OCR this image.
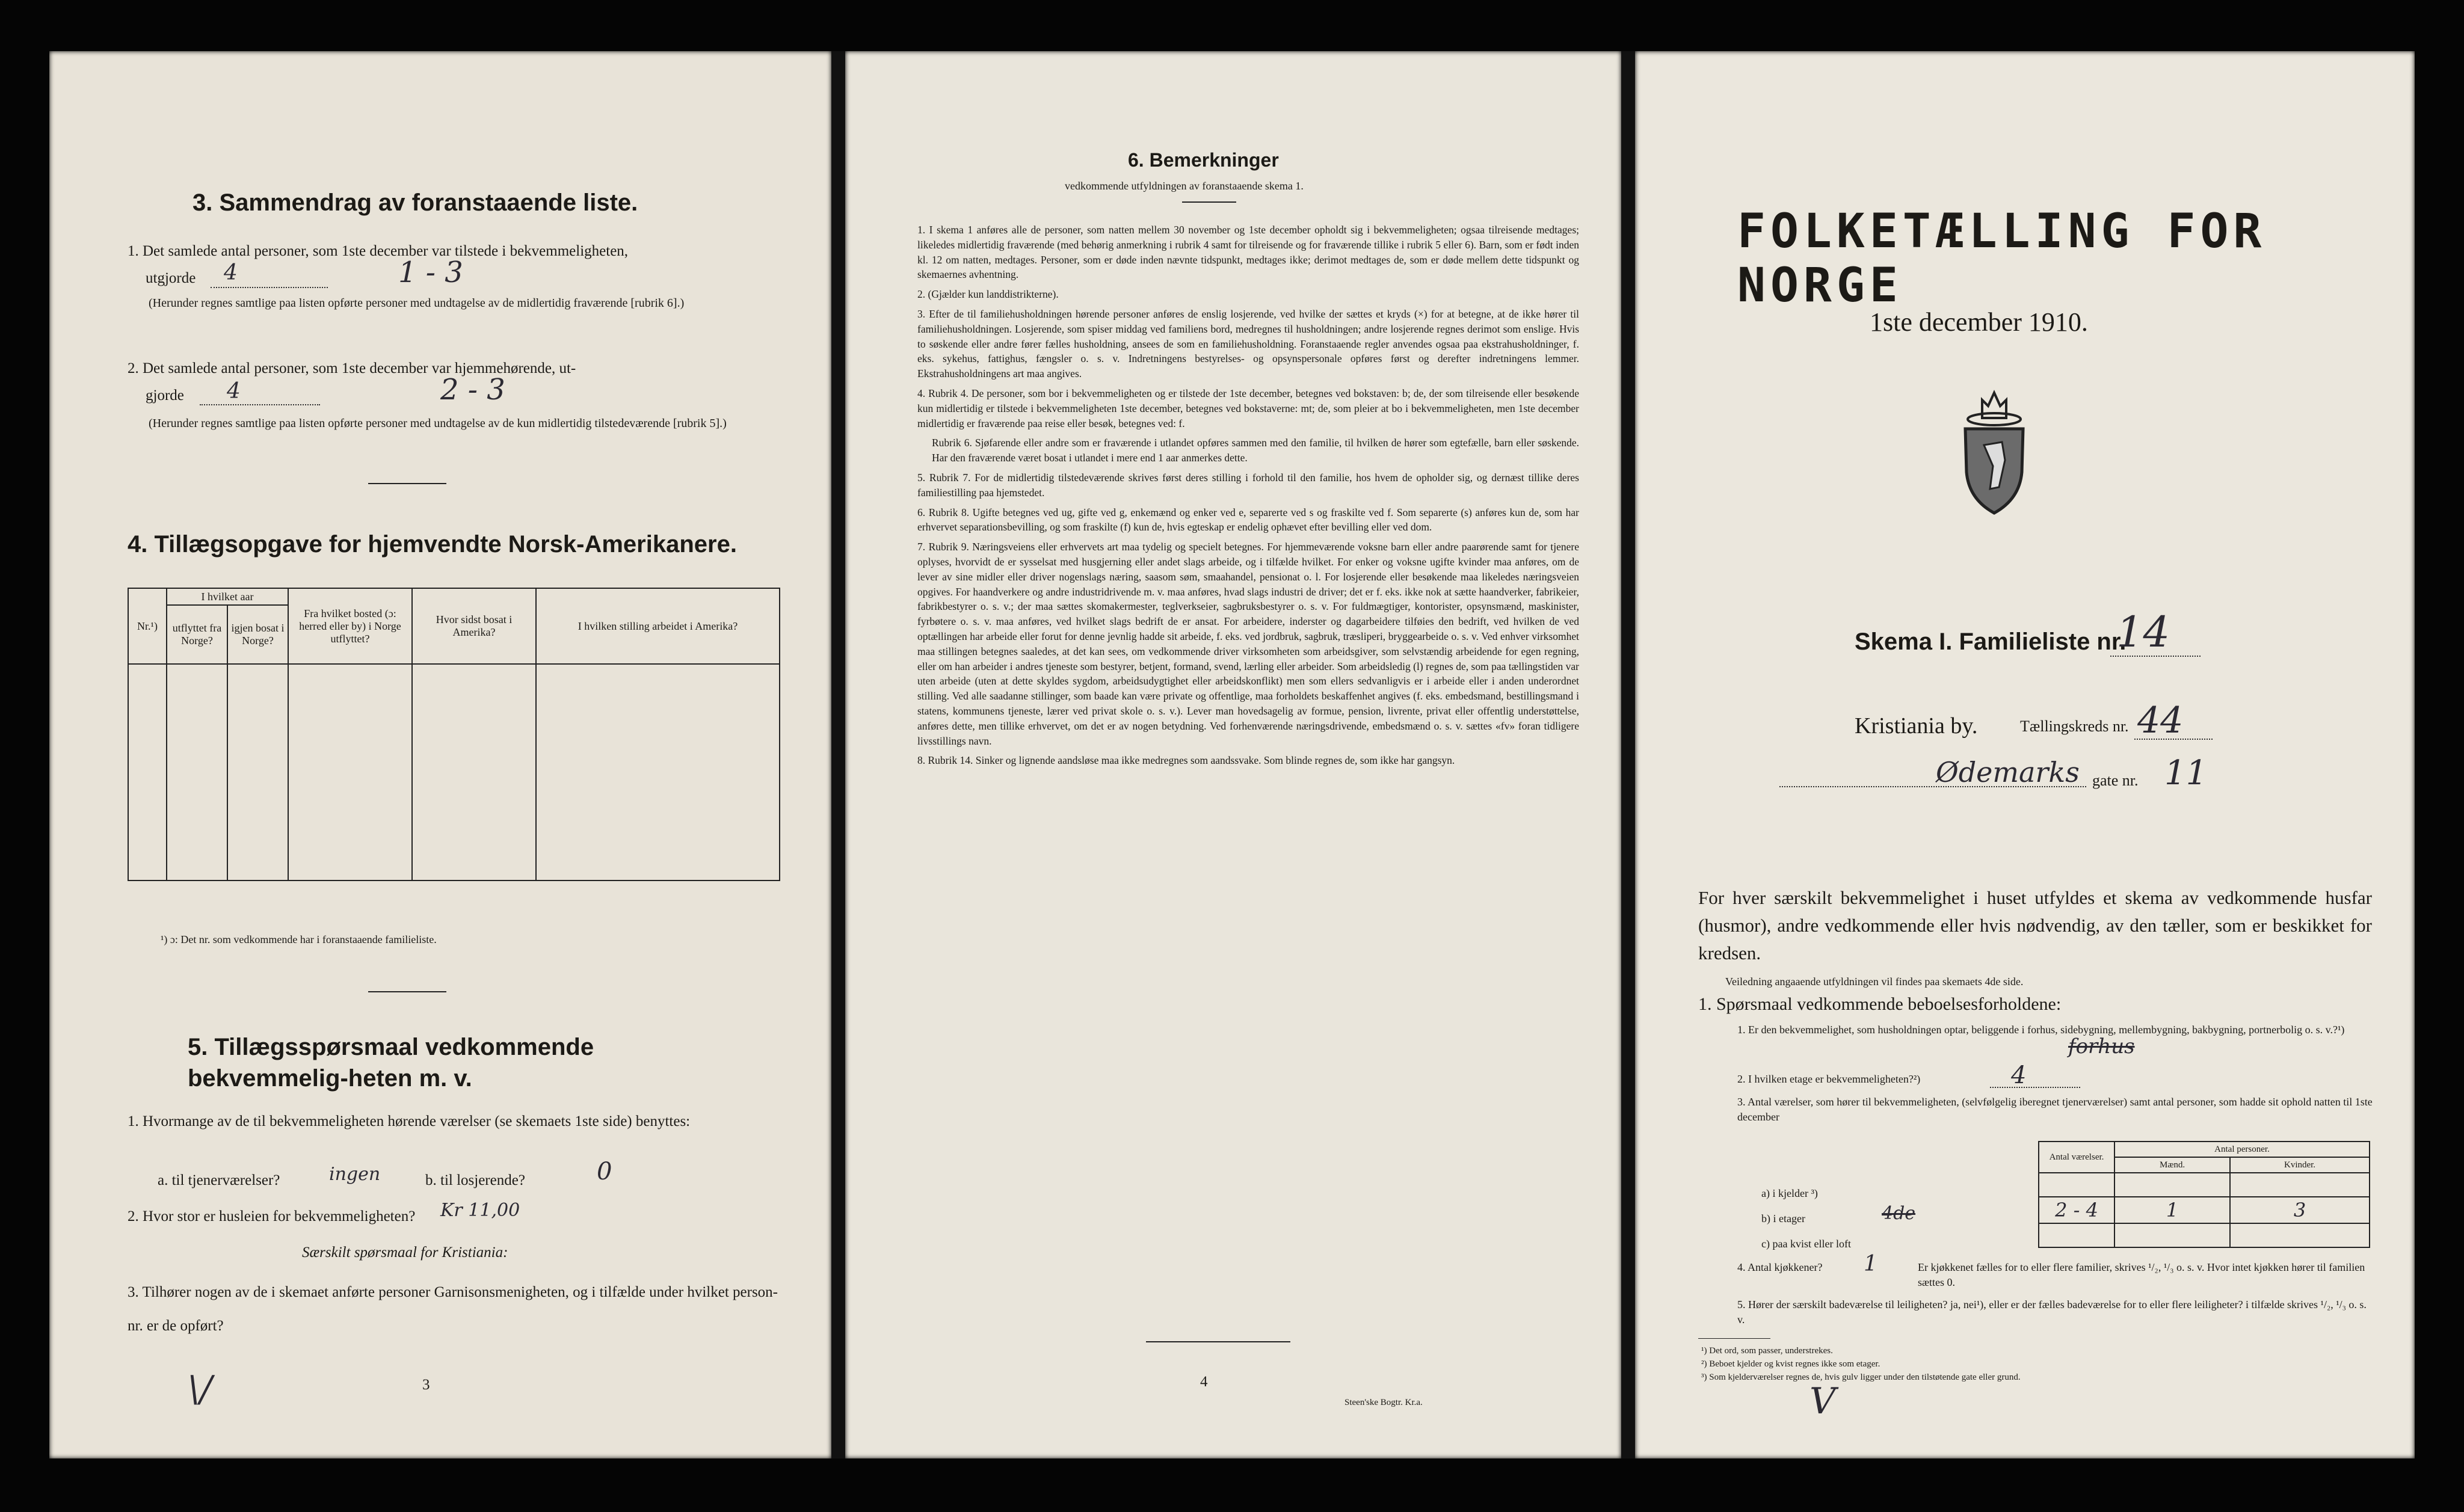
3. Sammendrag av foranstaaende liste.
1. Det samlede antal personer, som 1ste december var tilstede i bekvemmeligheten,
utgjorde 4	1 - 3
(Herunder regnes samtlige paa listen opførte personer med undtagelse av de midlertidig fraværende [rubrik 6].)
2. Det samlede antal personer, som 1ste december var hjemmehørende, ut-
gjorde 4	2 - 3
(Herunder regnes samtlige paa listen opførte personer med undtagelse av de kun midlertidig tilstedeværende [rubrik 5].)
4. Tillægsopgave for hjemvendte Norsk-Amerikanere.
Nr.¹)	I hvilket aar		Fra hvilket bosted (ɔ: herred eller by) i Norge utflyttet?	Hvor sidst bosat i Amerika?	I hvilken stilling arbeidet i Amerika?
	utflyttet fra Norge?	igjen bosat i Norge?			

¹) ɔ: Det nr. som vedkommende har i foranstaaende familieliste.
5. Tillægsspørsmaal vedkommende bekvemmelig-heten m. v.
1. Hvormange av de til bekvemmeligheten hørende værelser (se skemaets 1ste side) benyttes:
a. til tjenerværelser?	ingen	b. til losjerende?	0
2. Hvor stor er husleien for bekvemmeligheten? Kr 11,00
Særskilt spørsmaal for Kristiania:
3. Tilhører nogen av de i skemaet anførte personer Garnisonsmenigheten, og i tilfælde under hvilket person-nr. er de opført?
\/	3
6. Bemerkninger
vedkommende utfyldningen av foranstaaende skema 1.

1. I skema 1 anføres alle de personer, som natten mellem 30 november og 1ste december opholdt sig i bekvemmeligheten; ogsaa tilreisende medtages; likeledes midlertidig fraværende (med behørig anmerkning i rubrik 4 samt for tilreisende og for fraværende tillike i rubrik 5 eller 6). Barn, som er født inden kl. 12 om natten, medtages. Personer, som er døde inden nævnte tidspunkt, medtages ikke; derimot medtages de, som er døde mellem dette tidspunkt og skemaernes avhentning.

2. (Gjælder kun landdistrikterne).

3. Efter de til familiehusholdningen hørende personer anføres de enslig losjerende, ved hvilke der sættes et kryds (×) for at betegne, at de ikke hører til familiehusholdningen. Losjerende, som spiser middag ved familiens bord, medregnes til husholdningen; andre losjerende regnes derimot som enslige. Hvis to søskende eller andre fører fælles husholdning, ansees de som en familiehusholdning. Foranstaaende regler anvendes ogsaa paa ekstrahusholdninger, f. eks. sykehus, fattighus, fængsler o. s. v. Indretningens bestyrelses- og opsynspersonale opføres først og derefter indretningens lemmer. Ekstrahusholdningens art maa angives.

4. Rubrik 4. De personer, som bor i bekvemmeligheten og er tilstede der 1ste december, betegnes ved bokstaven: b; de, der som tilreisende eller besøkende kun midlertidig er tilstede i bekvemmeligheten 1ste december, betegnes ved bokstaverne: mt; de, som pleier at bo i bekvemmeligheten, men 1ste december midlertidig er fraværende paa reise eller besøk, betegnes ved: f.

Rubrik 6. Sjøfarende eller andre som er fraværende i utlandet opføres sammen med den familie, til hvilken de hører som egtefælle, barn eller søskende. Har den fraværende været bosat i utlandet i mere end 1 aar anmerkes dette.

5. Rubrik 7. For de midlertidig tilstedeværende skrives først deres stilling i forhold til den familie, hos hvem de opholder sig, og dernæst tillike deres familiestilling paa hjemstedet.

6. Rubrik 8. Ugifte betegnes ved ug, gifte ved g, enkemænd og enker ved e, separerte ved s og fraskilte ved f. Som separerte (s) anføres kun de, som har erhvervet separationsbevilling, og som fraskilte (f) kun de, hvis egteskap er endelig ophævet efter bevilling eller ved dom.

7. Rubrik 9. Næringsveiens eller erhvervets art maa tydelig og specielt betegnes. For hjemmeværende voksne barn eller andre paarørende samt for tjenere oplyses, hvorvidt de er sysselsat med husgjerning eller andet slags arbeide, og i tilfælde hvilket. For enker og voksne ugifte kvinder maa anføres, om de lever av sine midler eller driver nogenslags næring, saasom søm, smaahandel, pensionat o. l. For losjerende eller besøkende maa likeledes næringsveien opgives. For haandverkere og andre industridrivende m. v. maa anføres, hvad slags industri de driver; det er f. eks. ikke nok at sætte haandverker, fabrikeier, fabrikbestyrer o. s. v.; der maa sættes skomakermester, teglverkseier, sagbruksbestyrer o. s. v. For fuldmægtiger, kontorister, opsynsmænd, maskinister, fyrbøtere o. s. v. maa anføres, ved hvilket slags bedrift de er ansat. For arbeidere, inderster og dagarbeidere tilføies den bedrift, ved hvilken de ved optællingen har arbeide eller forut for denne jevnlig hadde sit arbeide, f. eks. ved jordbruk, sagbruk, træsliperi, bryggearbeide o. s. v. Ved enhver virksomhet maa stillingen betegnes saaledes, at det kan sees, om vedkommende driver virksomheten som arbeidsgiver, som selvstændig arbeidende for egen regning, eller om han arbeider i andres tjeneste som bestyrer, betjent, formand, svend, lærling eller arbeider. Som arbeidsledig (l) regnes de, som paa tællingstiden var uten arbeide (uten at dette skyldes sygdom, arbeidsudygtighet eller arbeidskonflikt) men som ellers sedvanligvis er i arbeide eller i anden underordnet stilling. Ved alle saadanne stillinger, som baade kan være private og offentlige, maa forholdets beskaffenhet angives (f. eks. embedsmand, bestillingsmand i statens, kommunens tjeneste, lærer ved privat skole o. s. v.). Lever man hovedsagelig av formue, pension, livrente, privat eller offentlig understøttelse, anføres dette, men tillike erhvervet, om det er av nogen betydning. Ved forhenværende næringsdrivende, embedsmænd o. s. v. sættes «fv» foran tidligere livsstillings navn.

8. Rubrik 14. Sinker og lignende aandsløse maa ikke medregnes som aandssvake. Som blinde regnes de, som ikke har gangsyn.

4
Steen'ske Bogtr. Kr.a.
FOLKETÆLLING FOR NORGE
1ste december 1910.
Skema I. Familieliste nr.
14
Kristiania by.	Tællingskreds nr. 44
Ødemarks gate nr. 11
For hver særskilt bekvemmelighet i huset utfyldes et skema av vedkommende husfar (husmor), andre vedkommende eller hvis nødvendig, av den tæller, som er beskikket for kredsen.
Veiledning angaaende utfyldningen vil findes paa skemaets 4de side.
1. Spørsmaal vedkommende beboelsesforholdene:
1. Er den bekvemmelighet, som husholdningen optar, beliggende i forhus, sidebygning, mellembygning, bakbygning, portnerbolig o. s. v.?¹)
forhus
2. I hvilken etage er bekvemmeligheten?²)	4
3. Antal værelser, som hører til bekvemmeligheten, (selvfølgelig iberegnet tjenerværelser) samt antal personer, som hadde sit ophold natten til 1ste december
Antal værelser.	Antal personer.	
	Mænd.	Kvinder.

2 - 4	1	3

a) i kjelder ³)
b) i etager	4de
c) paa kvist eller loft
4. Antal kjøkkener? 1	Er kjøkkenet fælles for to eller flere familier, skrives ¹/₂, ¹/₃ o. s. v. Hvor intet kjøkken hører til familien sættes 0.
5. Hører der særskilt badeværelse til leiligheten? ja, nei¹), eller er der fælles badeværelse for to eller flere leiligheter? i tilfælde skrives ¹/₂, ¹/₃ o. s. v.
¹) Det ord, som passer, understrekes.
²) Beboet kjelder og kvist regnes ikke som etager.
³) Som kjelderværelser regnes de, hvis gulv ligger under den tilstøtende gate eller grund.
V
